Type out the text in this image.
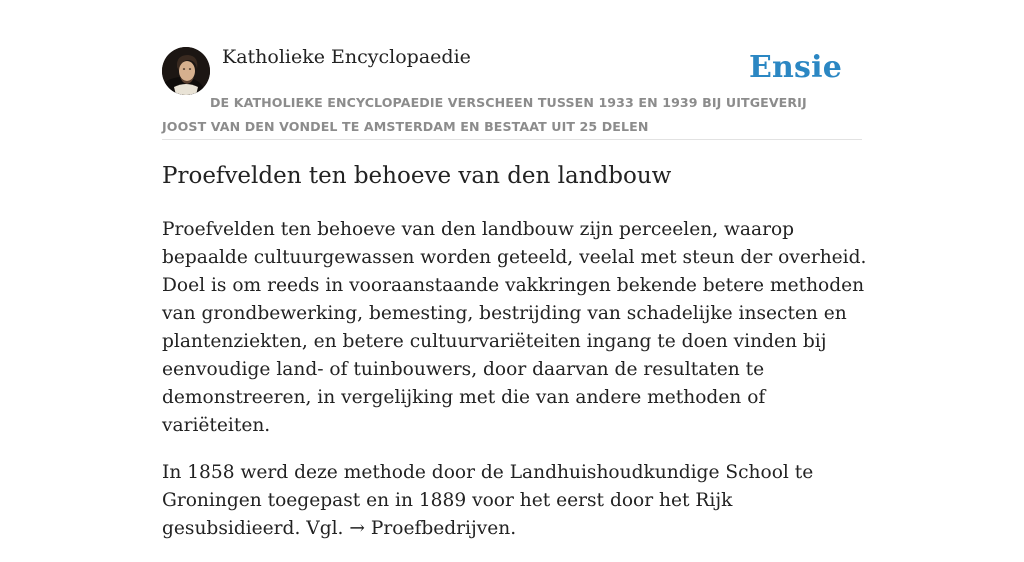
Katholieke Encyclopaedie	Ensie
DE KATHOLIEKE ENCYCLOPAEDIE VERSCHEEN TUSSEN 1933 EN 1939 BIJ UITGEVERIJ JOOST VAN DEN VONDEL TE AMSTERDAM EN BESTAAT UIT 25 DELEN
Proefvelden ten behoeve van den landbouw

Proefvelden ten behoeve van den landbouw zijn perceelen, waarop bepaalde cultuurgewassen worden geteeld, veelal met steun der overheid. Doel is om reeds in vooraanstaande vakkringen bekende betere methoden van grondbewerking, bemesting, bestrijding van schadelijke insecten en plantenziekten, en betere cultuurvariëteiten ingang te doen vinden bij eenvoudige land- of tuinbouwers, door daarvan de resultaten te demonstreeren, in vergelijking met die van andere methoden of variëteiten.

In 1858 werd deze methode door de Landhuishoudkundige School te Groningen toegepast en in 1889 voor het eerst door het Rijk gesubsidieerd. Vgl. → Proefbedrijven.
